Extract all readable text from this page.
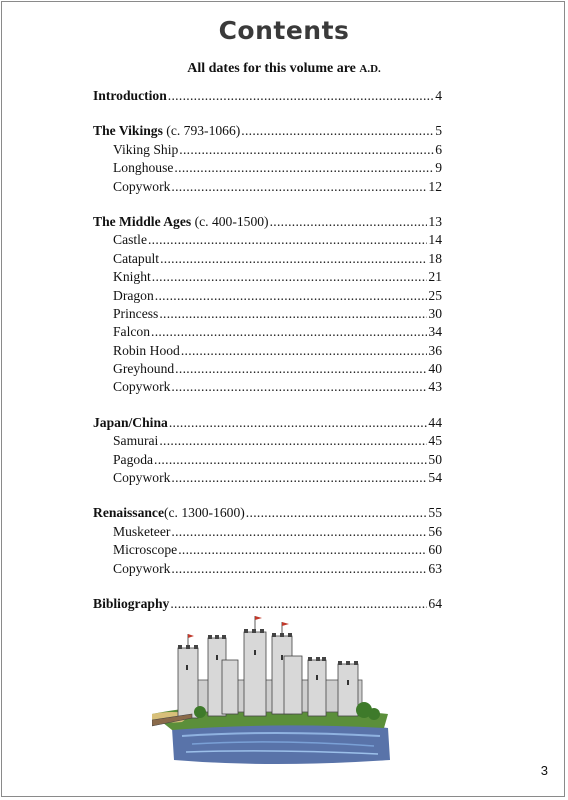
Contents
All dates for this volume are A.D.
Introduction .....	4
The Vikings (c. 793-1066) .....	5
Viking Ship .....	6
Longhouse .....	9
Copywork .....	12
The Middle Ages (c. 400-1500) .....	13
Castle .....	14
Catapult .....	18
Knight .....	21
Dragon .....	25
Princess .....	30
Falcon .....	34
Robin Hood .....	36
Greyhound .....	40
Copywork .....	43
Japan/China .....	44
Samurai .....	45
Pagoda .....	50
Copywork .....	54
Renaissance(c. 1300-1600) .....	55
Musketeer .....	56
Microscope .....	60
Copywork .....	63
Bibliography .....	64
3
